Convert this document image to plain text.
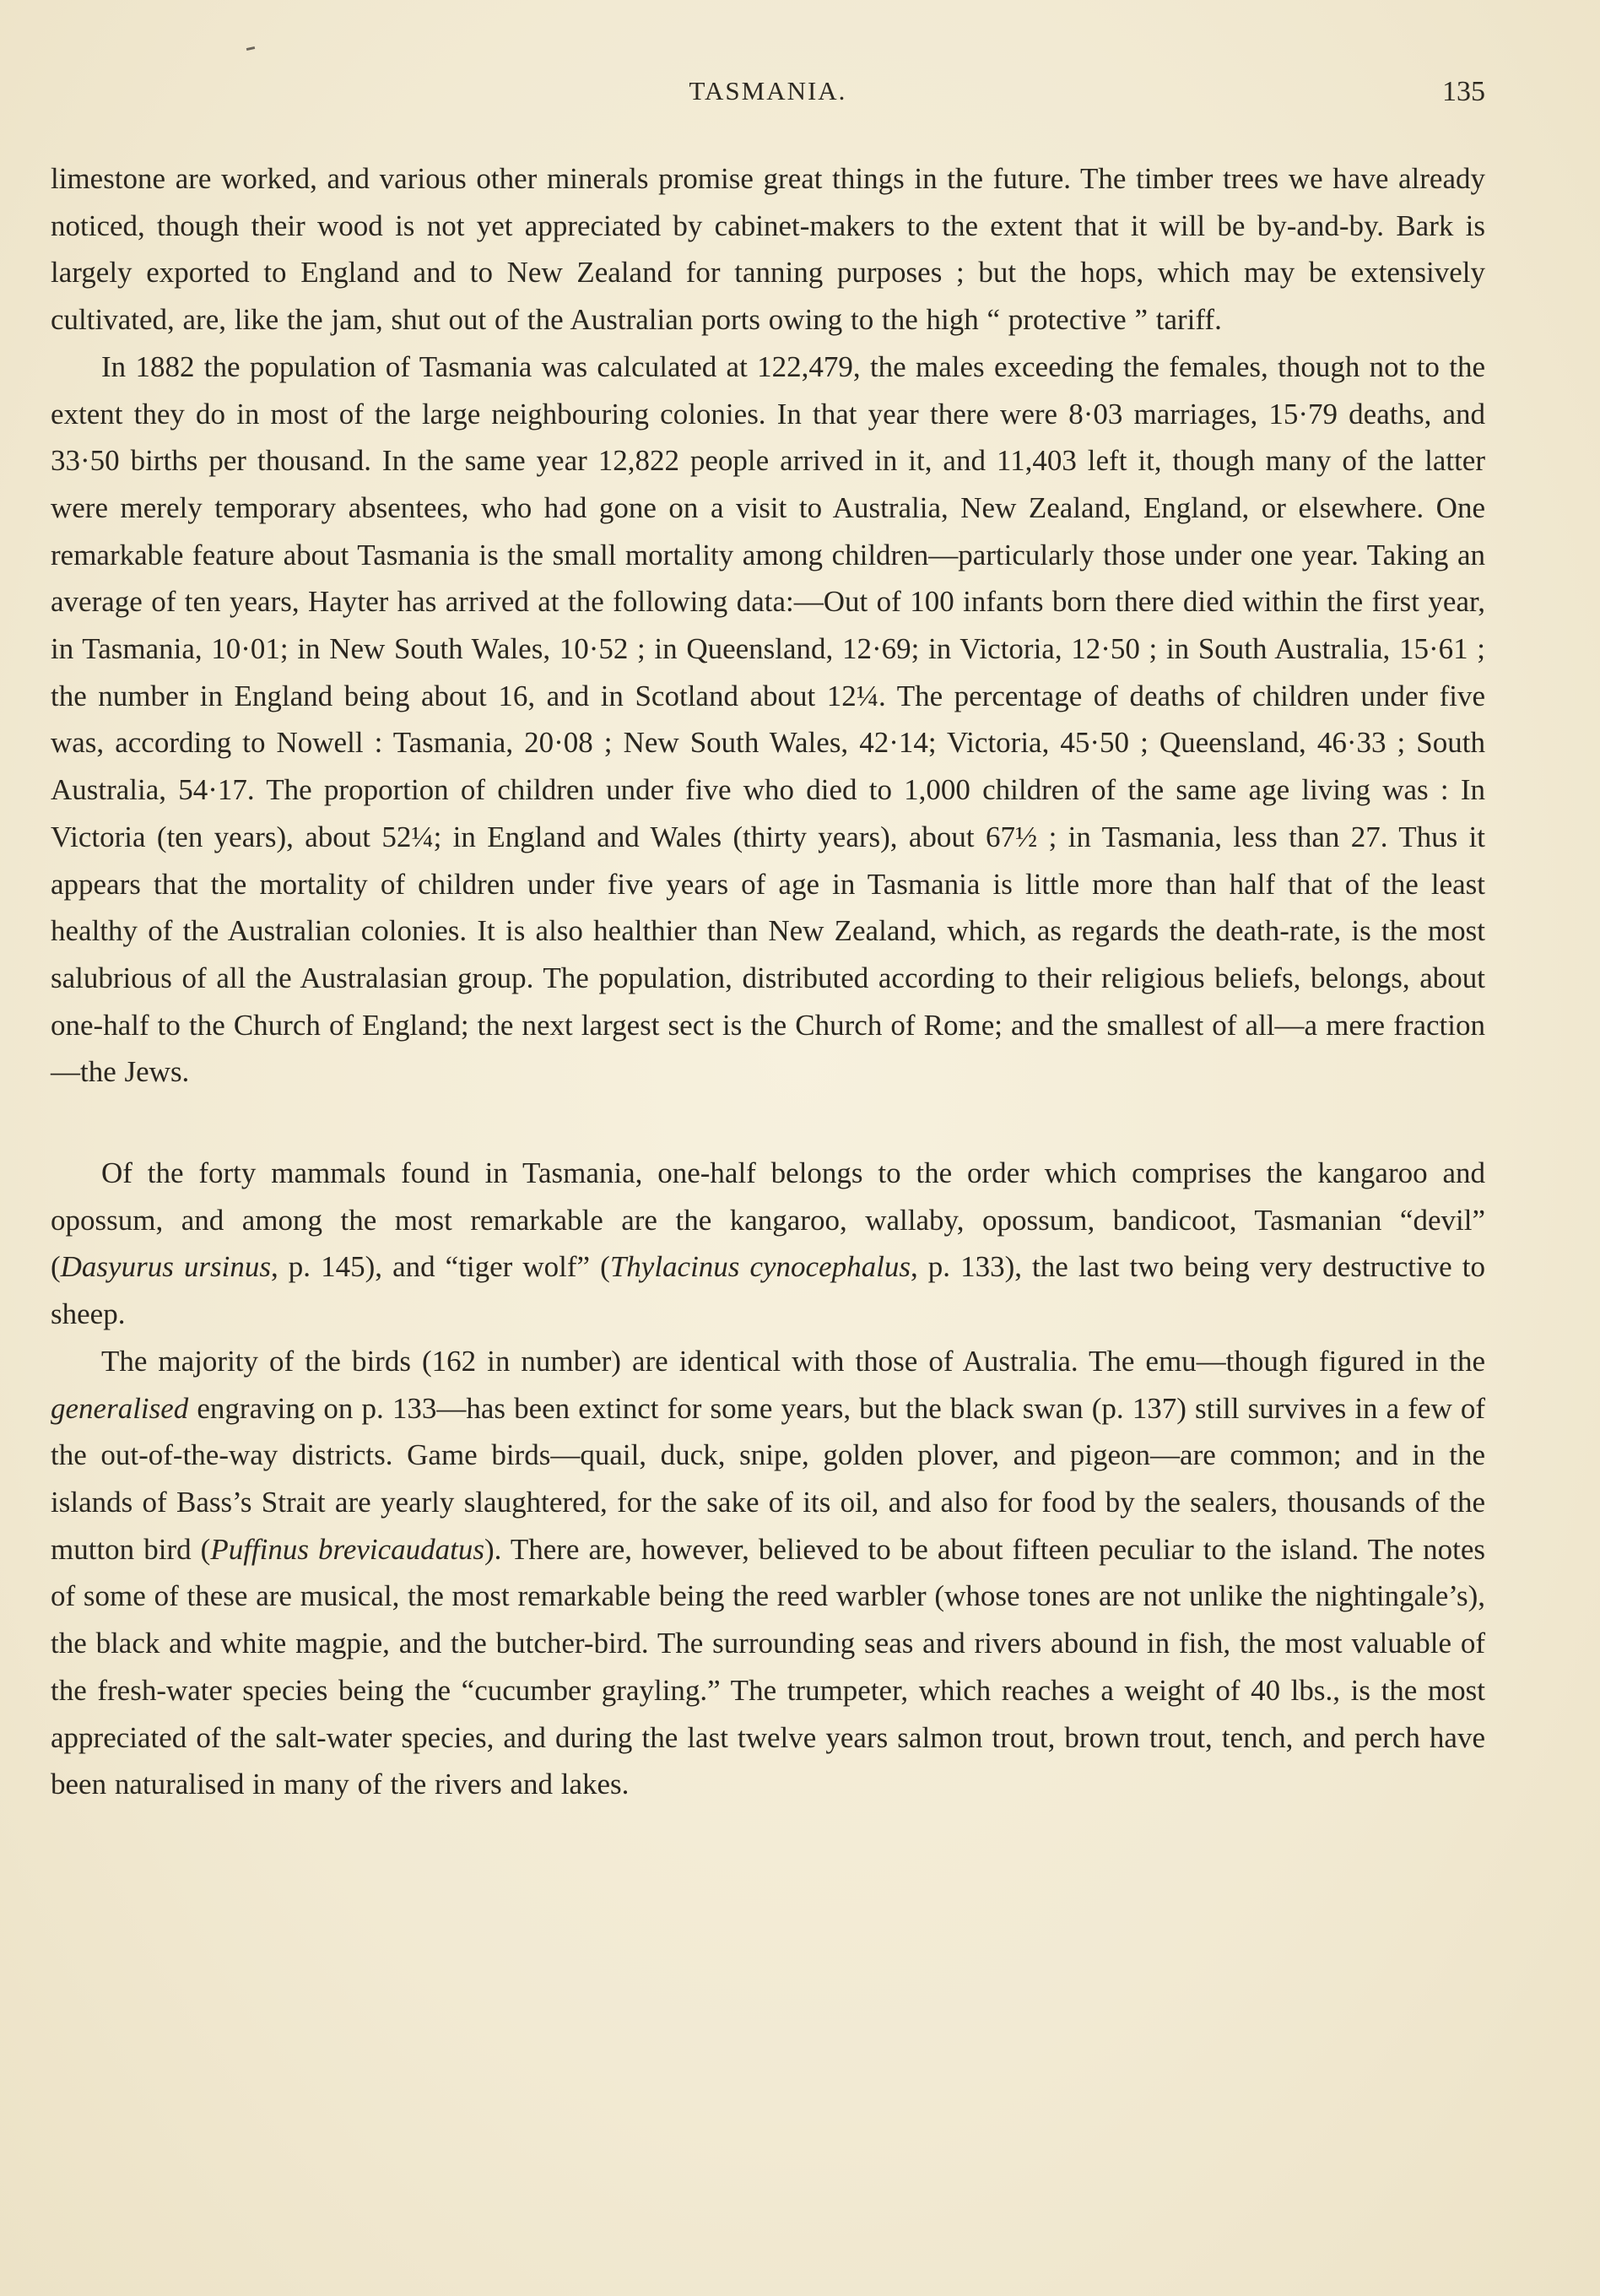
TASMANIA.	135

limestone are worked, and various other minerals promise great things in the future. The timber trees we have already noticed, though their wood is not yet appreciated by cabinet-makers to the extent that it will be by-and-by. Bark is largely exported to England and to New Zealand for tanning purposes ; but the hops, which may be extensively cultivated, are, like the jam, shut out of the Australian ports owing to the high “ protective ” tariff.

In 1882 the population of Tasmania was calculated at 122,479, the males exceeding the females, though not to the extent they do in most of the large neighbouring colonies. In that year there were 8·03 marriages, 15·79 deaths, and 33·50 births per thousand. In the same year 12,822 people arrived in it, and 11,403 left it, though many of the latter were merely temporary absentees, who had gone on a visit to Australia, New Zealand, England, or elsewhere. One remarkable feature about Tasmania is the small mortality among children—particularly those under one year. Taking an average of ten years, Hayter has arrived at the following data:—Out of 100 infants born there died within the first year, in Tasmania, 10·01; in New South Wales, 10·52 ; in Queensland, 12·69; in Victoria, 12·50 ; in South Australia, 15·61 ; the number in England being about 16, and in Scotland about 12¼. The percentage of deaths of children under five was, according to Nowell : Tasmania, 20·08 ; New South Wales, 42·14; Victoria, 45·50 ; Queensland, 46·33 ; South Australia, 54·17. The proportion of children under five who died to 1,000 children of the same age living was : In Victoria (ten years), about 52¼; in England and Wales (thirty years), about 67½ ; in Tasmania, less than 27. Thus it appears that the mortality of children under five years of age in Tasmania is little more than half that of the least healthy of the Australian colonies. It is also healthier than New Zealand, which, as regards the death-rate, is the most salubrious of all the Australasian group. The population, distributed according to their religious beliefs, belongs, about one-half to the Church of England; the next largest sect is the Church of Rome; and the smallest of all—a mere fraction—the Jews.

Of the forty mammals found in Tasmania, one-half belongs to the order which comprises the kangaroo and opossum, and among the most remarkable are the kangaroo, wallaby, opossum, bandicoot, Tasmanian “devil” (Dasyurus ursinus, p. 145), and “tiger wolf” (Thylacinus cynocephalus, p. 133), the last two being very destructive to sheep.

The majority of the birds (162 in number) are identical with those of Australia. The emu—though figured in the generalised engraving on p. 133—has been extinct for some years, but the black swan (p. 137) still survives in a few of the out-of-the-way districts. Game birds—quail, duck, snipe, golden plover, and pigeon—are common; and in the islands of Bass’s Strait are yearly slaughtered, for the sake of its oil, and also for food by the sealers, thousands of the mutton bird (Puffinus brevicaudatus). There are, however, believed to be about fifteen peculiar to the island. The notes of some of these are musical, the most remarkable being the reed warbler (whose tones are not unlike the nightingale’s), the black and white magpie, and the butcher-bird. The surrounding seas and rivers abound in fish, the most valuable of the fresh-water species being the “cucumber grayling.” The trumpeter, which reaches a weight of 40 lbs., is the most appreciated of the salt-water species, and during the last twelve years salmon trout, brown trout, tench, and perch have been naturalised in many of the rivers and lakes.
